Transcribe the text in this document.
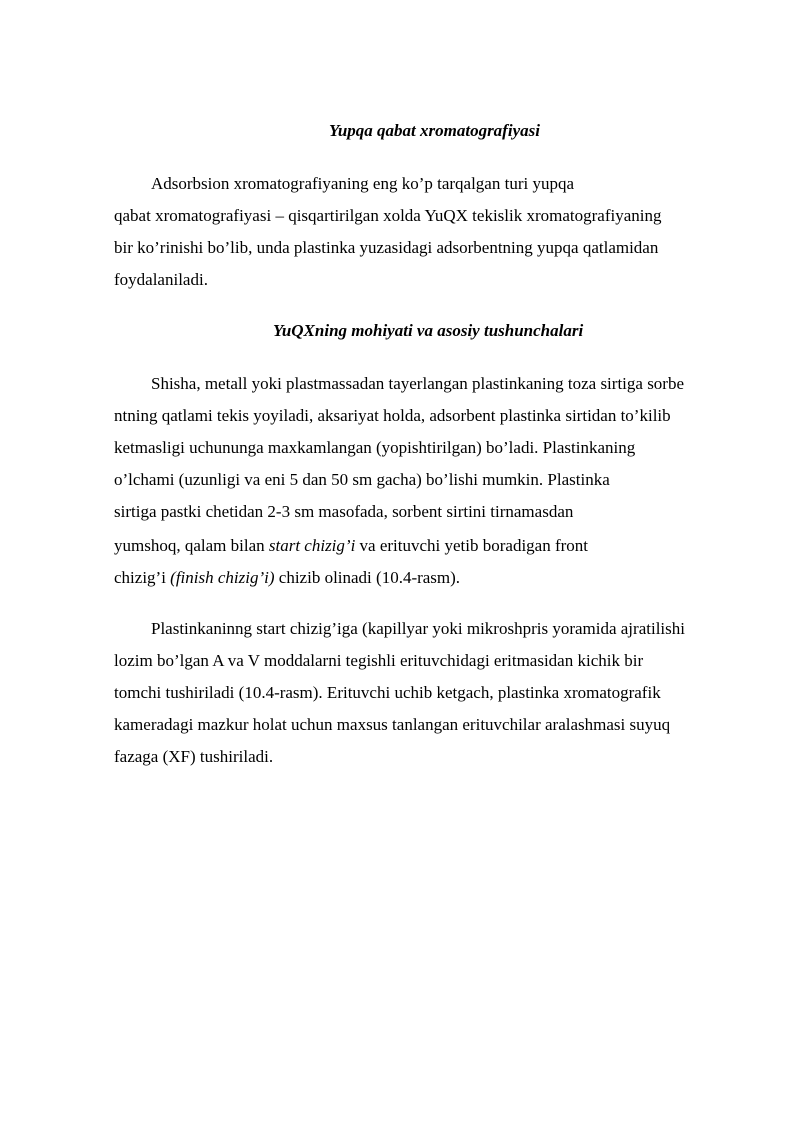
Yupqa qabat xromatografiyasi
Adsorbsion xromatografiyaning eng ko’p tarqalgan turi yupqa
qabat xromatografiyasi – qisqartirilgan xolda YuQX tekislik xromatografiyaning
bir ko’rinishi bo’lib, unda plastinka yuzasidagi adsorbentning yupqa qatlamidan
foydalaniladi.
YuQXning mohiyati va asosiy tushunchalari
Shisha, metall yoki plastmassadan tayerlangan plastinkaning toza sirtiga sorbe
ntning qatlami tekis yoyiladi, aksariyat holda, adsorbent plastinka sirtidan to’kilib
ketmasligi uchununga maxkamlangan (yopishtirilgan) bo’ladi. Plastinkaning
o’lchami (uzunligi va eni 5 dan 50 sm gacha) bo’lishi mumkin. Plastinka
sirtiga pastki chetidan 2-3 sm masofada, sorbent sirtini tirnamasdan
yumshoq, qalam bilan start chizig’i va erituvchi yetib boradigan front
chizig’i (finish chizig’i) chizib olinadi (10.4-rasm).
Plastinkaninng start chizig’iga (kapillyar yoki mikroshpris yoramida ajratilishi
lozim bo’lgan A va V moddalarni tegishli erituvchidagi eritmasidan kichik bir
tomchi tushiriladi (10.4-rasm). Erituvchi uchib ketgach, plastinka xromatografik
kameradagi mazkur holat uchun maxsus tanlangan erituvchilar aralashmasi suyuq
fazaga (XF) tushiriladi.
